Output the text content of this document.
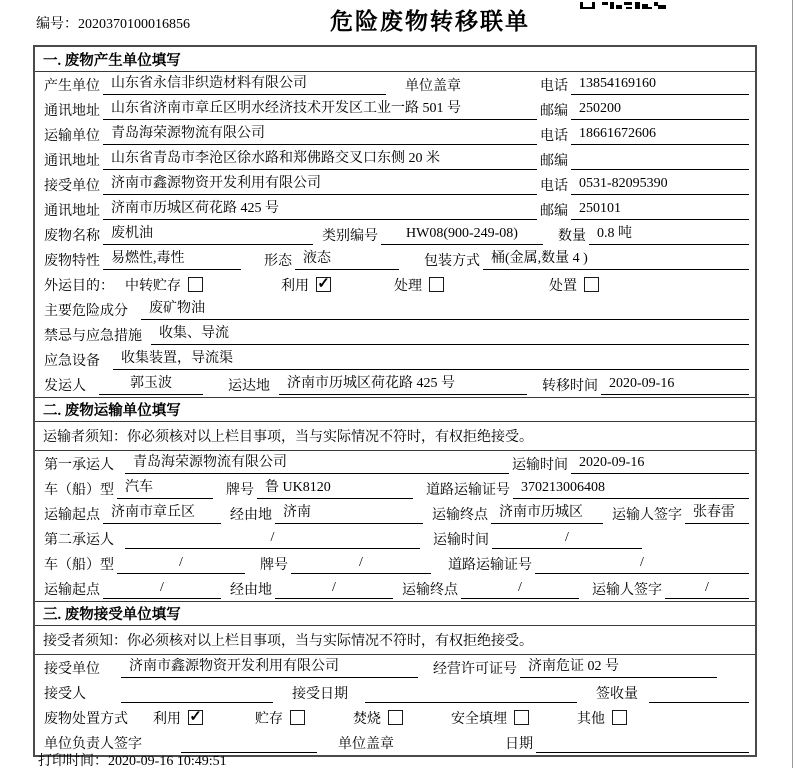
编号：2020370100016856	危险废物转移联单
一. 废物产生单位填写
产生单位 山东省永信非织造材料有限公司	单位盖章	电话 13854169160
通讯地址 山东省济南市章丘区明水经济技术开发区工业一路 501 号	邮编 250200
运输单位 青岛海荣源物流有限公司	电话 18661672606
通讯地址 山东省青岛市李沧区徐水路和郑佛路交叉口东侧 20 米	邮编
接受单位 济南市鑫源物资开发利用有限公司	电话 0531-82095390
通讯地址 济南市历城区荷花路 425 号	邮编 250101
废物名称 废机油	类别编号	HW08(900-249-08)	数量 0.8 吨
废物特性 易燃性,毒性	形态 液态	包装方式 桶(金属,数量 4 )
外运目的： 中转贮存	利用 ✓	处理	处置
主要危险成分	废矿物油
禁忌与应急措施	收集、导流
应急设备	收集装置，导流渠
发运人	郭玉波	运达地	济南市历城区荷花路 425 号	转移时间 2020-09-16
二. 废物运输单位填写
运输者须知：你必须核对以上栏目事项，当与实际情况不符时，有权拒绝接受。
第一承运人	青岛海荣源物流有限公司	运输时间 2020-09-16
车（船）型 汽车	牌号 鲁 UK8120	道路运输证号 370213006408
运输起点 济南市章丘区	经由地 济南	运输终点 济南市历城区	运输人签字 张春雷
第二承运人	/	运输时间	/
车（船）型	/	牌号	/	道路运输证号	/
运输起点	/	经由地	/	运输终点	/	运输人签字	/
三. 废物接受单位填写
接受者须知：你必须核对以上栏目事项，当与实际情况不符时，有权拒绝接受。
接受单位	济南市鑫源物资开发利用有限公司	经营许可证号 济南危证 02 号
接受人	接受日期	签收量
废物处置方式 利用 ✓	贮存	焚烧	安全填埋	其他
单位负责人签字	单位盖章	日期
打印时间：2020-09-16 10:49:51
